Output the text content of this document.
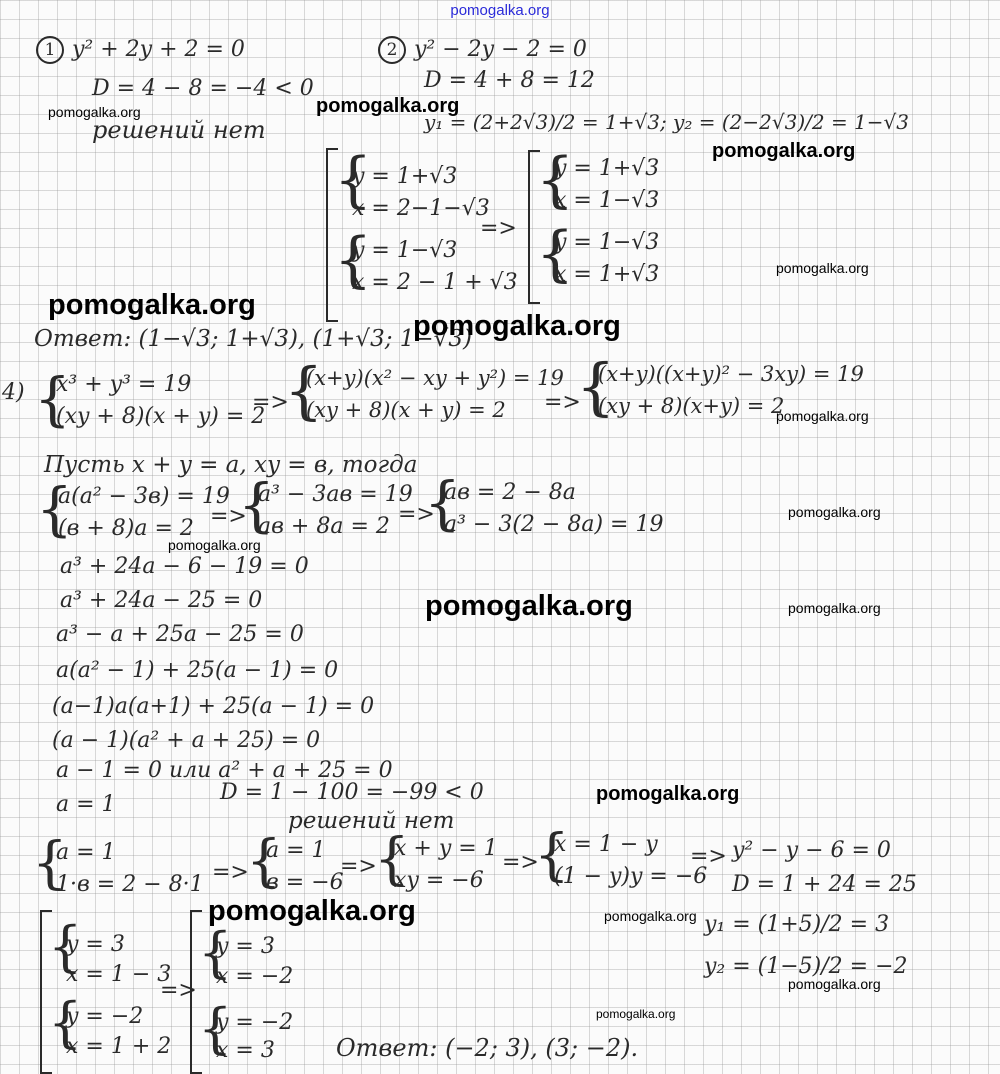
pomogalka.org
1 y² + 2y + 2 = 0
D = 4 − 8 = −4 < 0
решений нет
2 y² − 2y − 2 = 0
D = 4 + 8 = 12
y₁ = (2+2√3)/2 = 1+√3; y₂ = (2−2√3)/2 = 1−√3
{
y = 1+√3
x = 2−1−√3
{
y = 1−√3
x = 2 − 1 + √3
=>
{
y = 1+√3
x = 1−√3
{
y = 1−√3
x = 1+√3
Ответ: (1−√3; 1+√3), (1+√3; 1−√3)
4) {
x³ + y³ = 19
(xy + 8)(x + y) = 2
=>
{
(x+y)(x² − xy + y²) = 19
(xy + 8)(x + y) = 2 =>
{
(x+y)((x+y)² − 3xy) = 19
(xy + 8)(x+y) = 2
Пусть x + y = a, xy = в, тогда
{
a(a² − 3в) = 19
(в + 8)a = 2 =>
{
a³ − 3aв = 19
aв + 8a = 2 =>
{
aв = 2 − 8a
a³ − 3(2 − 8a) = 19
a³ + 24a − 6 − 19 = 0
a³ + 24a − 25 = 0
a³ − a + 25a − 25 = 0
a(a² − 1) + 25(a − 1) = 0
(a−1)a(a+1) + 25(a − 1) = 0
(a − 1)(a² + a + 25) = 0
a − 1 = 0 или a² + a + 25 = 0
a = 1	D = 1 − 100 = −99 < 0
решений нет
{
a = 1
1·в = 2 − 8·1 =>
{
a = 1
в = −6
=>
{
x + y = 1
xy = −6
=>
{
x = 1 − y
(1 − y)y = −6
=> y² − y − 6 = 0
D = 1 + 24 = 25
y₁ = (1+5)/2 = 3
y₂ = (1−5)/2 = −2
{
y = 3
x = 1 − 3
{
y = −2
x = 1 + 2
=>
{
y = 3
x = −2
{
y = −2
x = 3	Ответ: (−2; 3), (3; −2).
pomogalka.org	pomogalka.org
pomogalka.org
pomogalka.org
pomogalka.org
pomogalka.org
pomogalka.org
pomogalka.org
pomogalka.org
pomogalka.org	pomogalka.org
pomogalka.org
pomogalka.org	pomogalka.org
pomogalka.org
pomogalka.org
